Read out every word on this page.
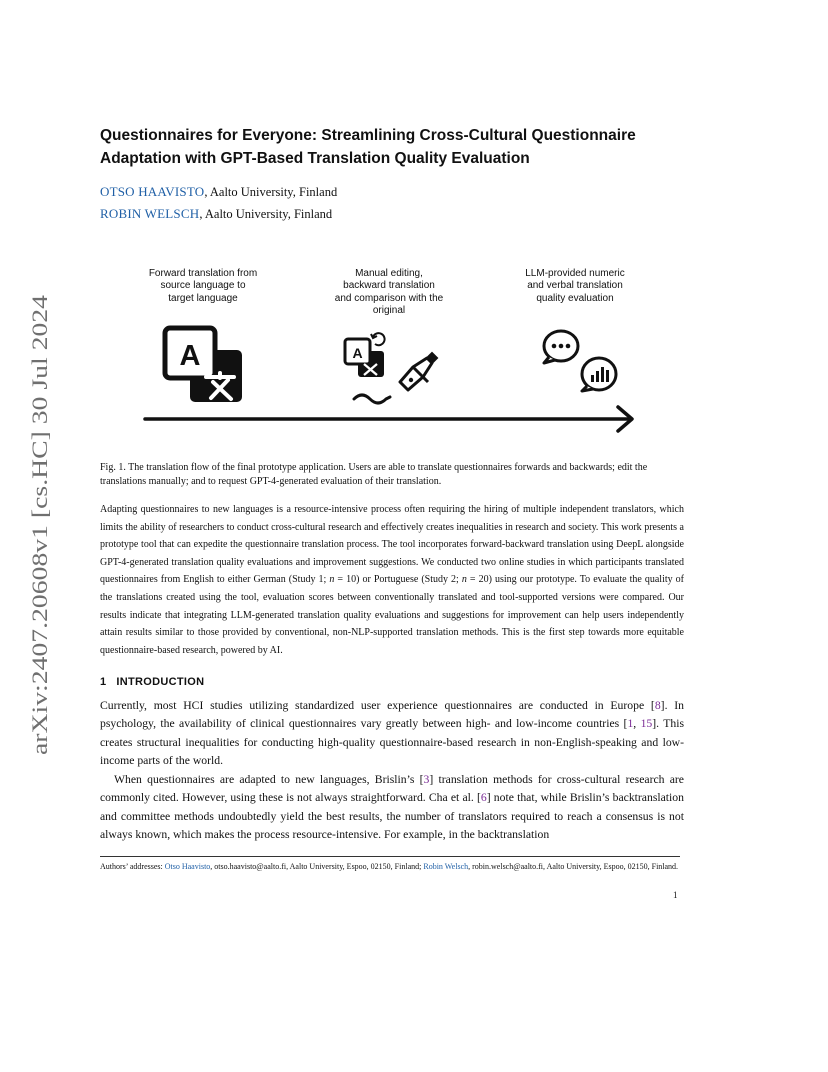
arXiv:2407.20608v1 [cs.HC] 30 Jul 2024
Questionnaires for Everyone: Streamlining Cross-Cultural Questionnaire
Adaptation with GPT-Based Translation Quality Evaluation
OTSO HAAVISTO, Aalto University, Finland
ROBIN WELSCH, Aalto University, Finland
Forward translation from
source language to
target language
Manual editing,
backward translation
and comparison with the
original
LLM-provided numeric
and verbal translation
quality evaluation
A	A
Fig. 1. The translation flow of the final prototype application. Users are able to translate questionnaires forwards and backwards; edit the translations manually; and to request GPT-4-generated evaluation of their translation.
Adapting questionnaires to new languages is a resource-intensive process often requiring the hiring of multiple independent translators, which limits the ability of researchers to conduct cross-cultural research and effectively creates inequalities in research and society. This work presents a prototype tool that can expedite the questionnaire translation process. The tool incorporates forward-backward translation using DeepL alongside GPT-4-generated translation quality evaluations and improvement suggestions. We conducted two online studies in which participants translated questionnaires from English to either German (Study 1; n = 10) or Portuguese (Study 2; n = 20) using our prototype. To evaluate the quality of the translations created using the tool, evaluation scores between conventionally translated and tool-supported versions were compared. Our results indicate that integrating LLM-generated translation quality evaluations and suggestions for improvement can help users independently attain results similar to those provided by conventional, non-NLP-supported translation methods. This is the first step towards more equitable questionnaire-based research, powered by AI.
1 INTRODUCTION
Currently, most HCI studies utilizing standardized user experience questionnaires are conducted in Europe [8]. In psychology, the availability of clinical questionnaires vary greatly between high- and low-income countries [1, 15]. This creates structural inequalities for conducting high-quality questionnaire-based research in non-English-speaking and low-income parts of the world.
When questionnaires are adapted to new languages, Brislin’s [3] translation methods for cross-cultural research are commonly cited. However, using these is not always straightforward. Cha et al. [6] note that, while Brislin’s backtranslation and committee methods undoubtedly yield the best results, the number of translators required to reach a consensus is not always known, which makes the process resource-intensive. For example, in the backtranslation
Authors’ addresses: Otso Haavisto, otso.haavisto@aalto.fi, Aalto University, Espoo, 02150, Finland; Robin Welsch, robin.welsch@aalto.fi, Aalto University, Espoo, 02150, Finland.
1
